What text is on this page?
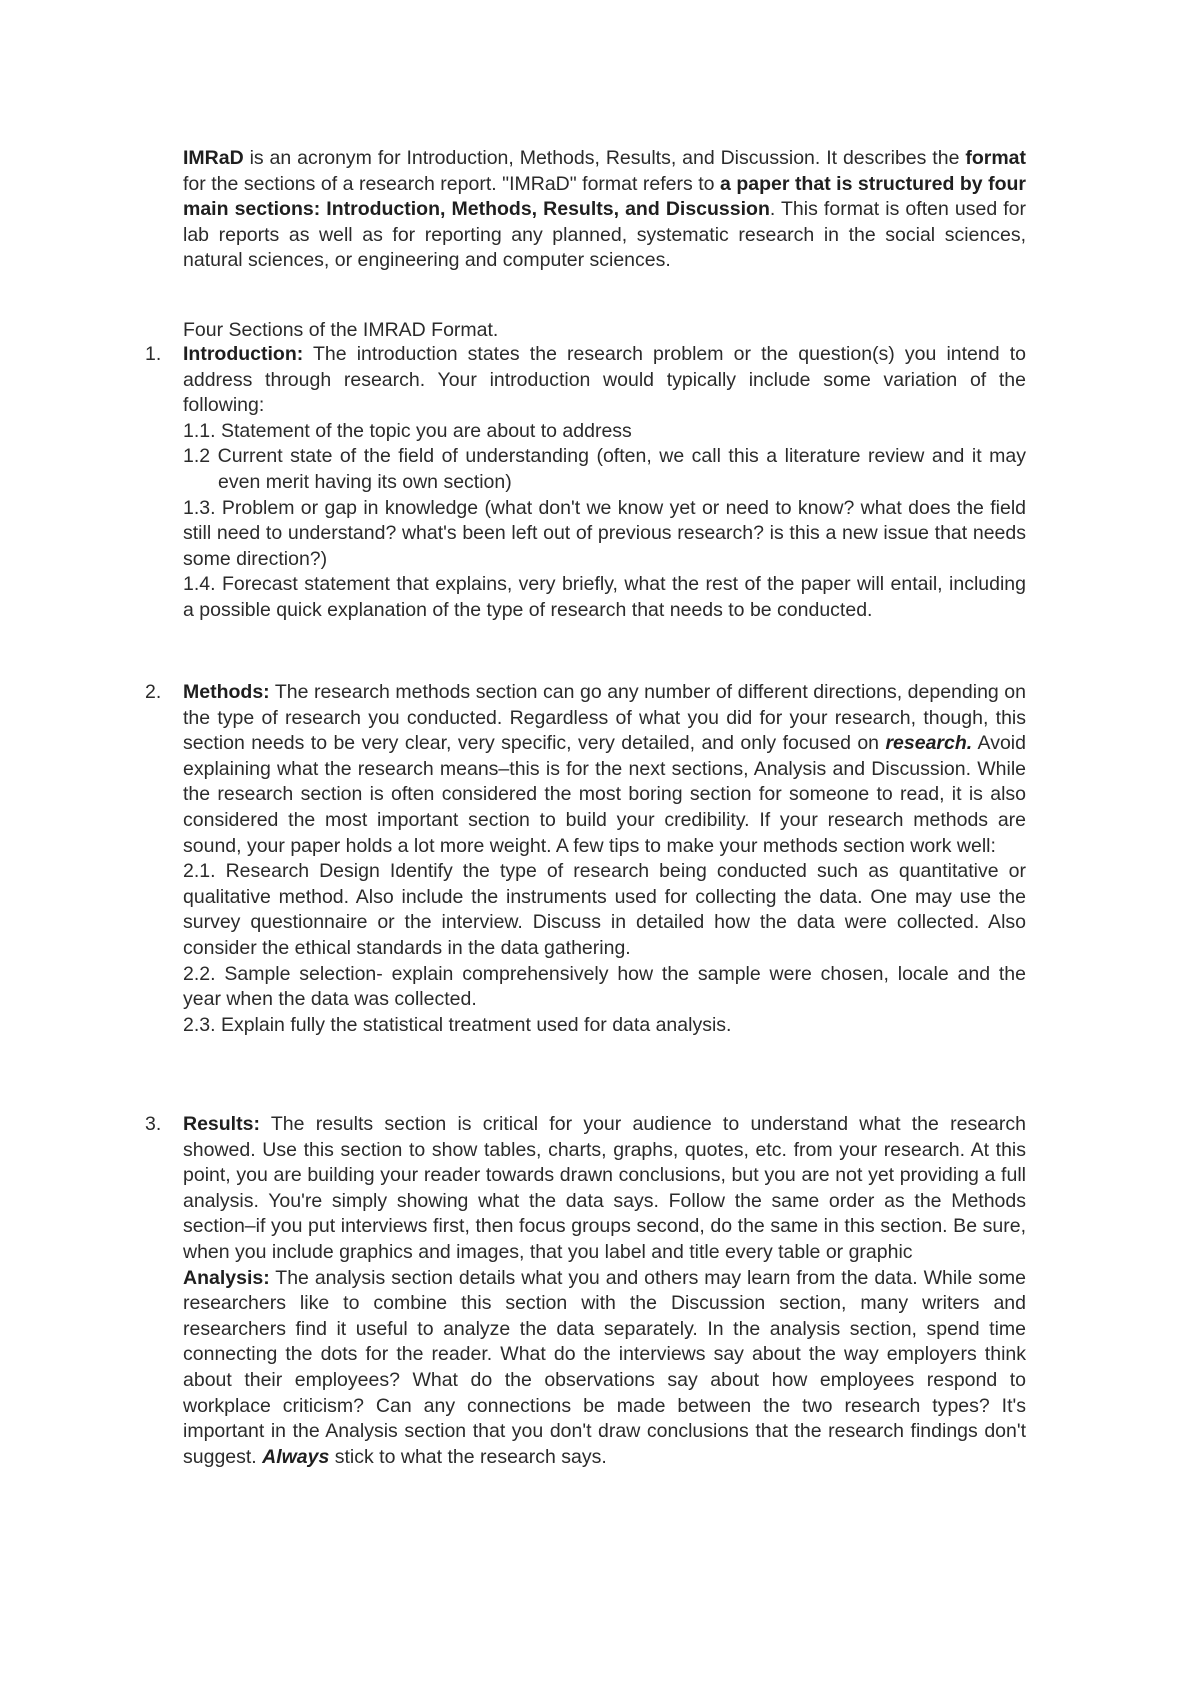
IMRaD is an acronym for Introduction, Methods, Results, and Discussion. It describes the format for the sections of a research report. "IMRaD" format refers to a paper that is structured by four main sections: Introduction, Methods, Results, and Discussion. This format is often used for lab reports as well as for reporting any planned, systematic research in the social sciences, natural sciences, or engineering and computer sciences.

Four Sections of the IMRAD Format.

1. Introduction: The introduction states the research problem or the question(s) you intend to address through research. Your introduction would typically include some variation of the following:

1.1. Statement of the topic you are about to address

1.2 Current state of the field of understanding (often, we call this a literature review and it may even merit having its own section)

1.3. Problem or gap in knowledge (what don't we know yet or need to know? what does the field still need to understand? what's been left out of previous research? is this a new issue that needs some direction?)

1.4. Forecast statement that explains, very briefly, what the rest of the paper will entail, including a possible quick explanation of the type of research that needs to be conducted.

2. Methods: The research methods section can go any number of different directions, depending on the type of research you conducted. Regardless of what you did for your research, though, this section needs to be very clear, very specific, very detailed, and only focused on research. Avoid explaining what the research means–this is for the next sections, Analysis and Discussion. While the research section is often considered the most boring section for someone to read, it is also considered the most important section to build your credibility. If your research methods are sound, your paper holds a lot more weight. A few tips to make your methods section work well:

2.1. Research Design Identify the type of research being conducted such as quantitative or qualitative method. Also include the instruments used for collecting the data. One may use the survey questionnaire or the interview. Discuss in detailed how the data were collected. Also consider the ethical standards in the data gathering.

2.2. Sample selection- explain comprehensively how the sample were chosen, locale and the year when the data was collected.

2.3. Explain fully the statistical treatment used for data analysis.

3. Results: The results section is critical for your audience to understand what the research showed. Use this section to show tables, charts, graphs, quotes, etc. from your research. At this point, you are building your reader towards drawn conclusions, but you are not yet providing a full analysis. You're simply showing what the data says. Follow the same order as the Methods section–if you put interviews first, then focus groups second, do the same in this section. Be sure, when you include graphics and images, that you label and title every table or graphic

Analysis: The analysis section details what you and others may learn from the data. While some researchers like to combine this section with the Discussion section, many writers and researchers find it useful to analyze the data separately. In the analysis section, spend time connecting the dots for the reader. What do the interviews say about the way employers think about their employees? What do the observations say about how employees respond to workplace criticism? Can any connections be made between the two research types? It's important in the Analysis section that you don't draw conclusions that the research findings don't suggest. Always stick to what the research says.
